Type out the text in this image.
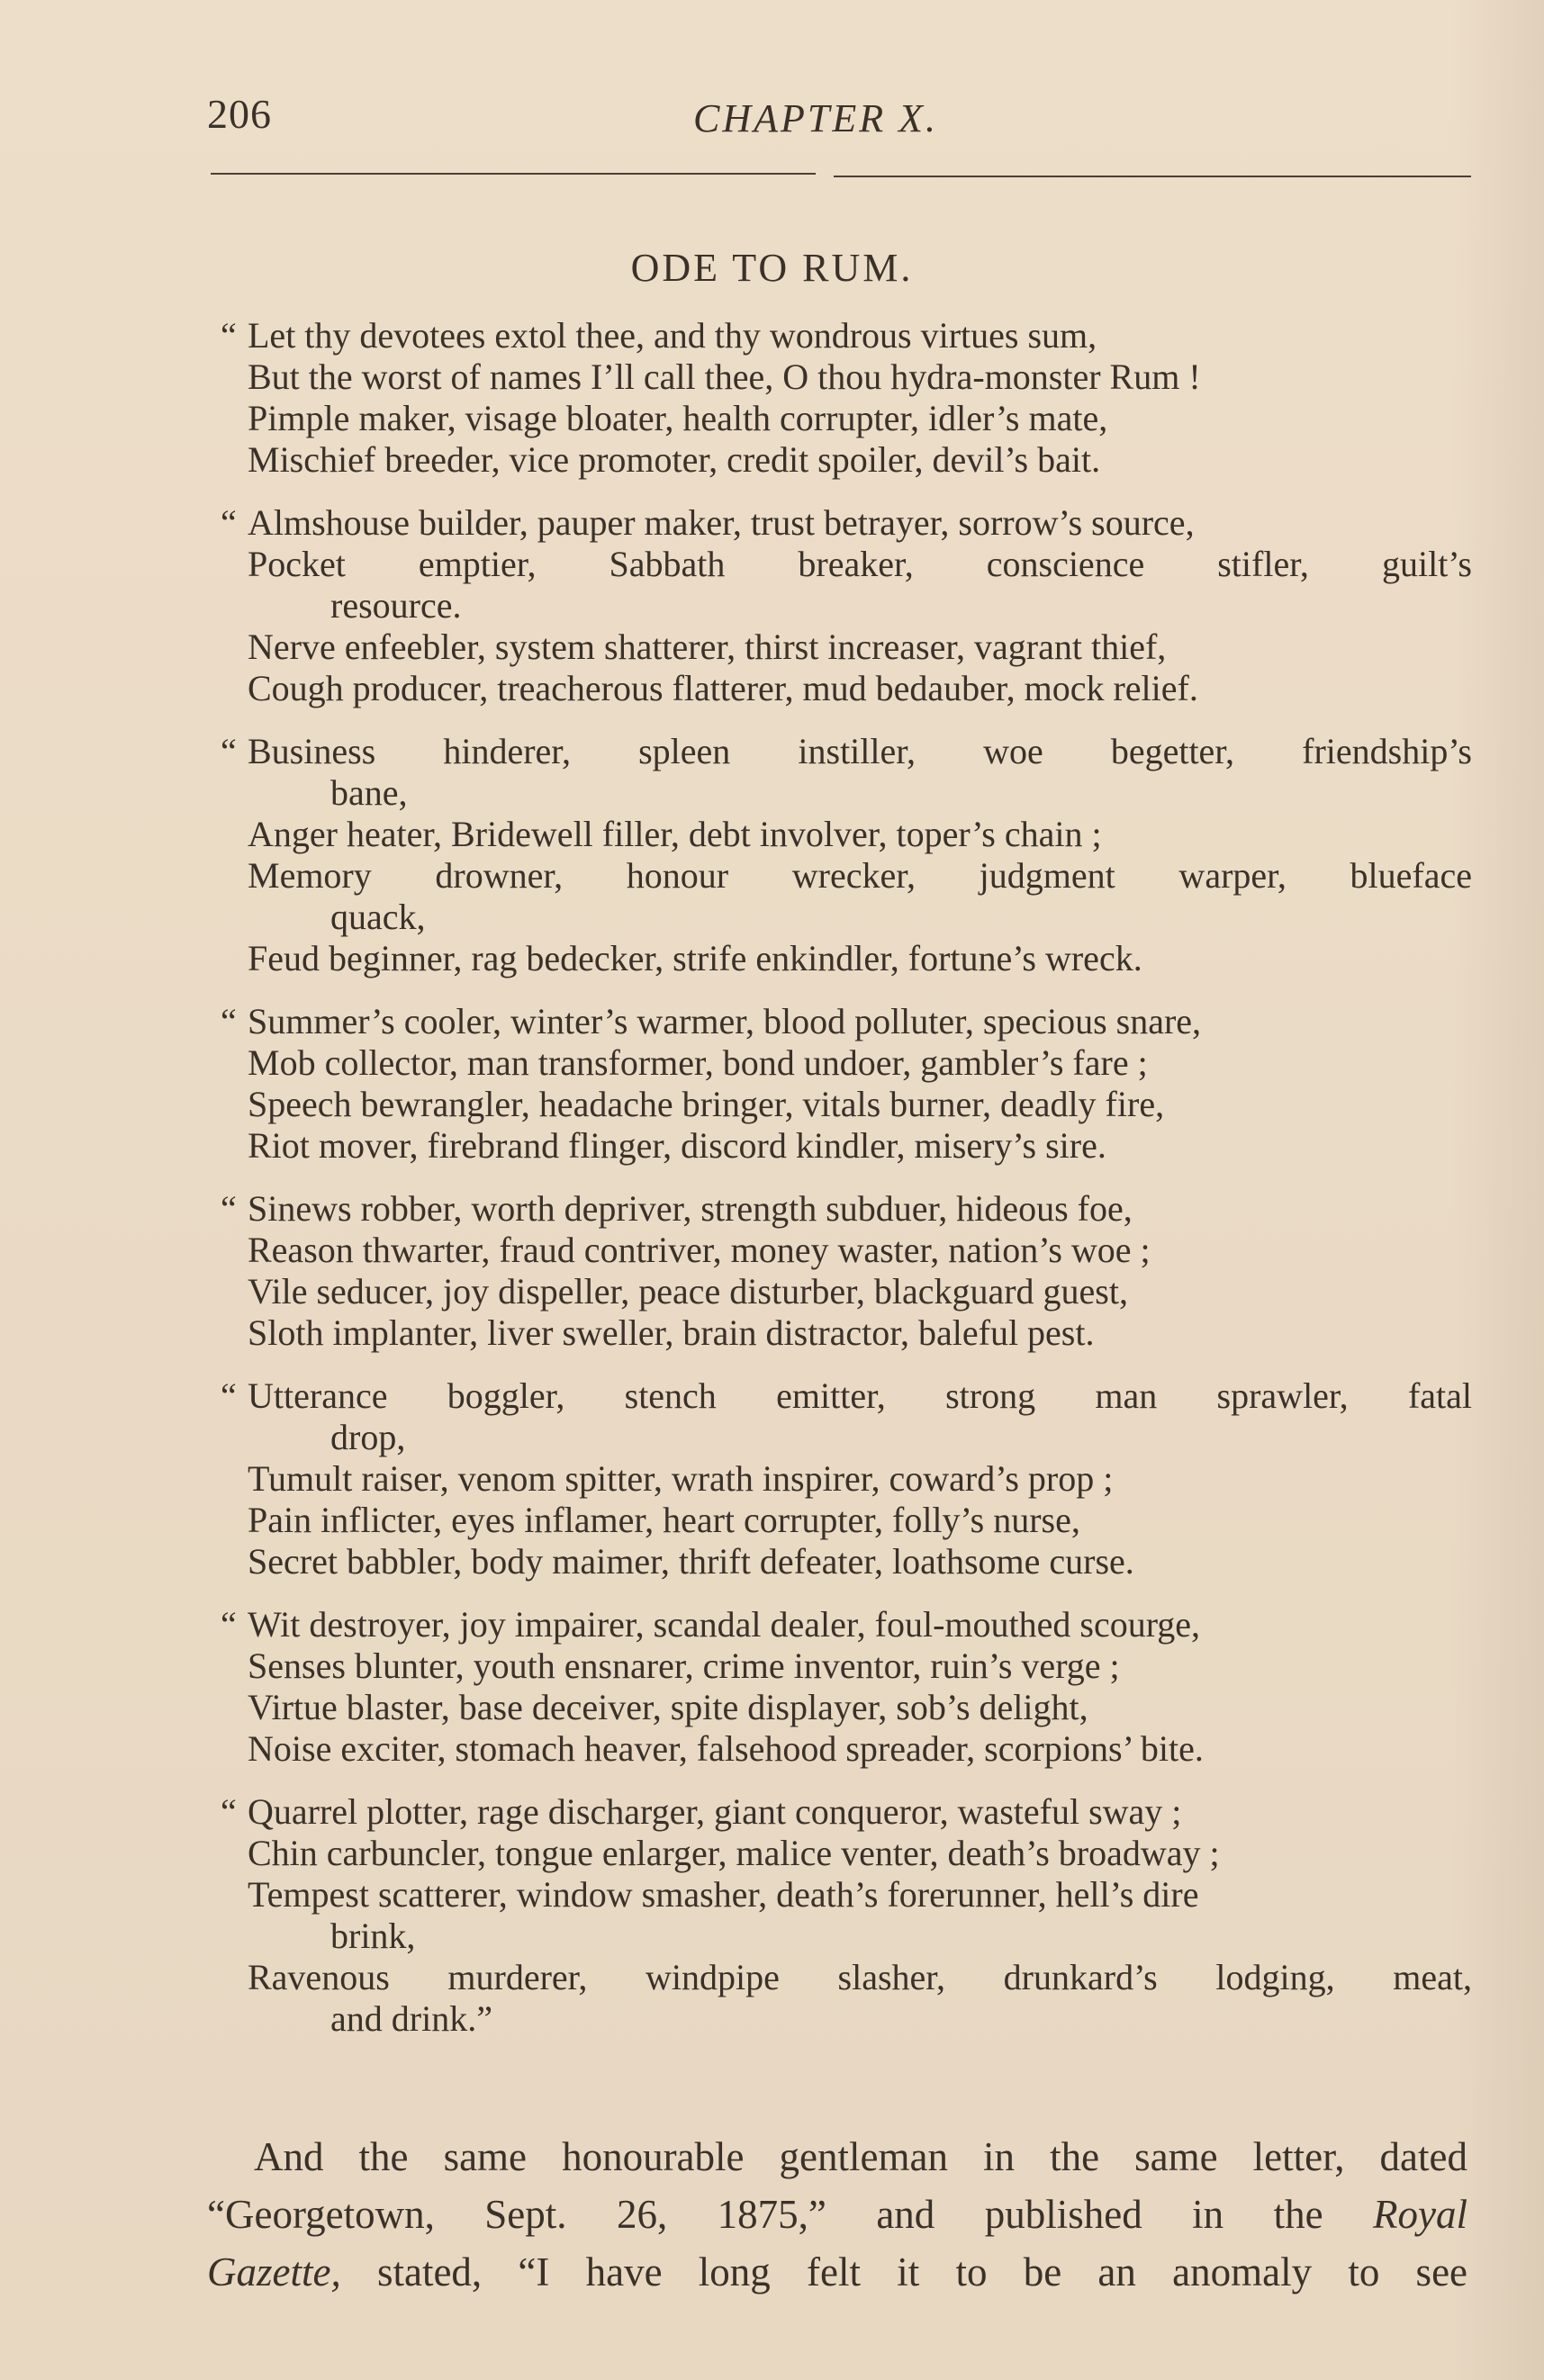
206	CHAPTER X.
ODE TO RUM.
“ Let thy devotees extol thee, and thy wondrous virtues sum,
But the worst of names I’ll call thee, O thou hydra-monster Rum !
Pimple maker, visage bloater, health corrupter, idler’s mate,
Mischief breeder, vice promoter, credit spoiler, devil’s bait.
“ Almshouse builder, pauper maker, trust betrayer, sorrow’s source,
Pocket emptier, Sabbath breaker, conscience stifler, guilt’s
resource.
Nerve enfeebler, system shatterer, thirst increaser, vagrant thief,
Cough producer, treacherous flatterer, mud bedauber, mock relief.
“ Business hinderer, spleen instiller, woe begetter, friendship’s
bane,
Anger heater, Bridewell filler, debt involver, toper’s chain ;
Memory drowner, honour wrecker, judgment warper, blueface
quack,
Feud beginner, rag bedecker, strife enkindler, fortune’s wreck.
“ Summer’s cooler, winter’s warmer, blood polluter, specious snare,
Mob collector, man transformer, bond undoer, gambler’s fare ;
Speech bewrangler, headache bringer, vitals burner, deadly fire,
Riot mover, firebrand flinger, discord kindler, misery’s sire.
“ Sinews robber, worth depriver, strength subduer, hideous foe,
Reason thwarter, fraud contriver, money waster, nation’s woe ;
Vile seducer, joy dispeller, peace disturber, blackguard guest,
Sloth implanter, liver sweller, brain distractor, baleful pest.
“ Utterance boggler, stench emitter, strong man sprawler, fatal
drop,
Tumult raiser, venom spitter, wrath inspirer, coward’s prop ;
Pain inflicter, eyes inflamer, heart corrupter, folly’s nurse,
Secret babbler, body maimer, thrift defeater, loathsome curse.
“ Wit destroyer, joy impairer, scandal dealer, foul-mouthed scourge,
Senses blunter, youth ensnarer, crime inventor, ruin’s verge ;
Virtue blaster, base deceiver, spite displayer, sob’s delight,
Noise exciter, stomach heaver, falsehood spreader, scorpions’ bite.
“ Quarrel plotter, rage discharger, giant conqueror, wasteful sway ;
Chin carbuncler, tongue enlarger, malice venter, death’s broadway ;
Tempest scatterer, window smasher, death’s forerunner, hell’s dire
brink,
Ravenous murderer, windpipe slasher, drunkard’s lodging, meat,
and drink.”
And the same honourable gentleman in the same letter, dated
“Georgetown, Sept. 26, 1875,” and published in the Royal
Gazette, stated, “I have long felt it to be an anomaly to see
